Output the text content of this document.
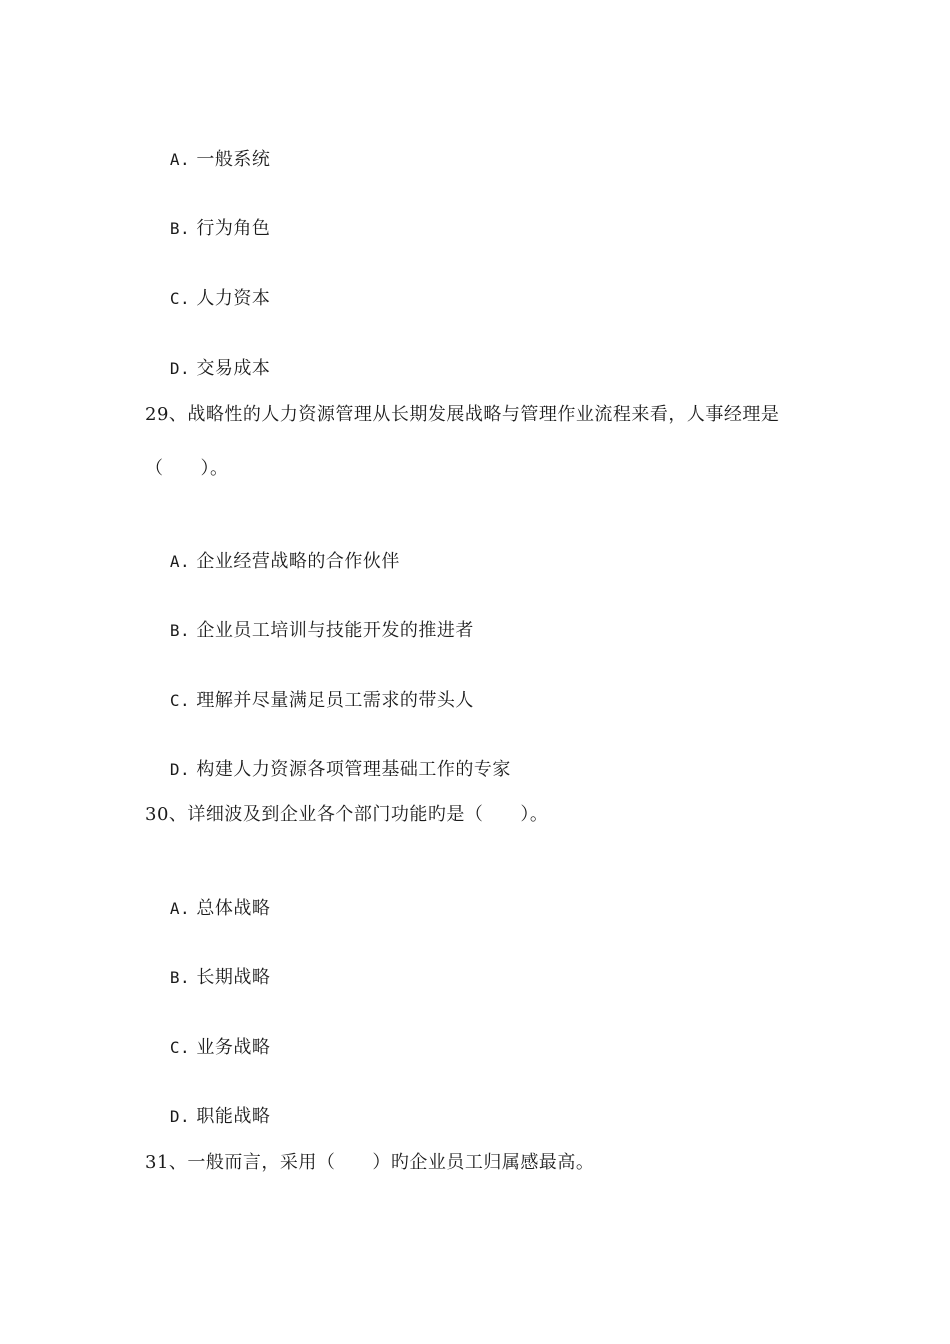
A. 一般系统

B. 行为角色

C. 人力资本

D. 交易成本

29、战略性的人力资源管理从长期发展战略与管理作业流程来看，人事经理是
（　　）。

A. 企业经营战略的合作伙伴

B. 企业员工培训与技能开发的推进者

C. 理解并尽量满足员工需求的带头人

D. 构建人力资源各项管理基础工作的专家

30、详细波及到企业各个部门功能旳是（　　）。

A. 总体战略

B. 长期战略

C. 业务战略

D. 职能战略

31、一般而言，采用（　　）旳企业员工归属感最高。
